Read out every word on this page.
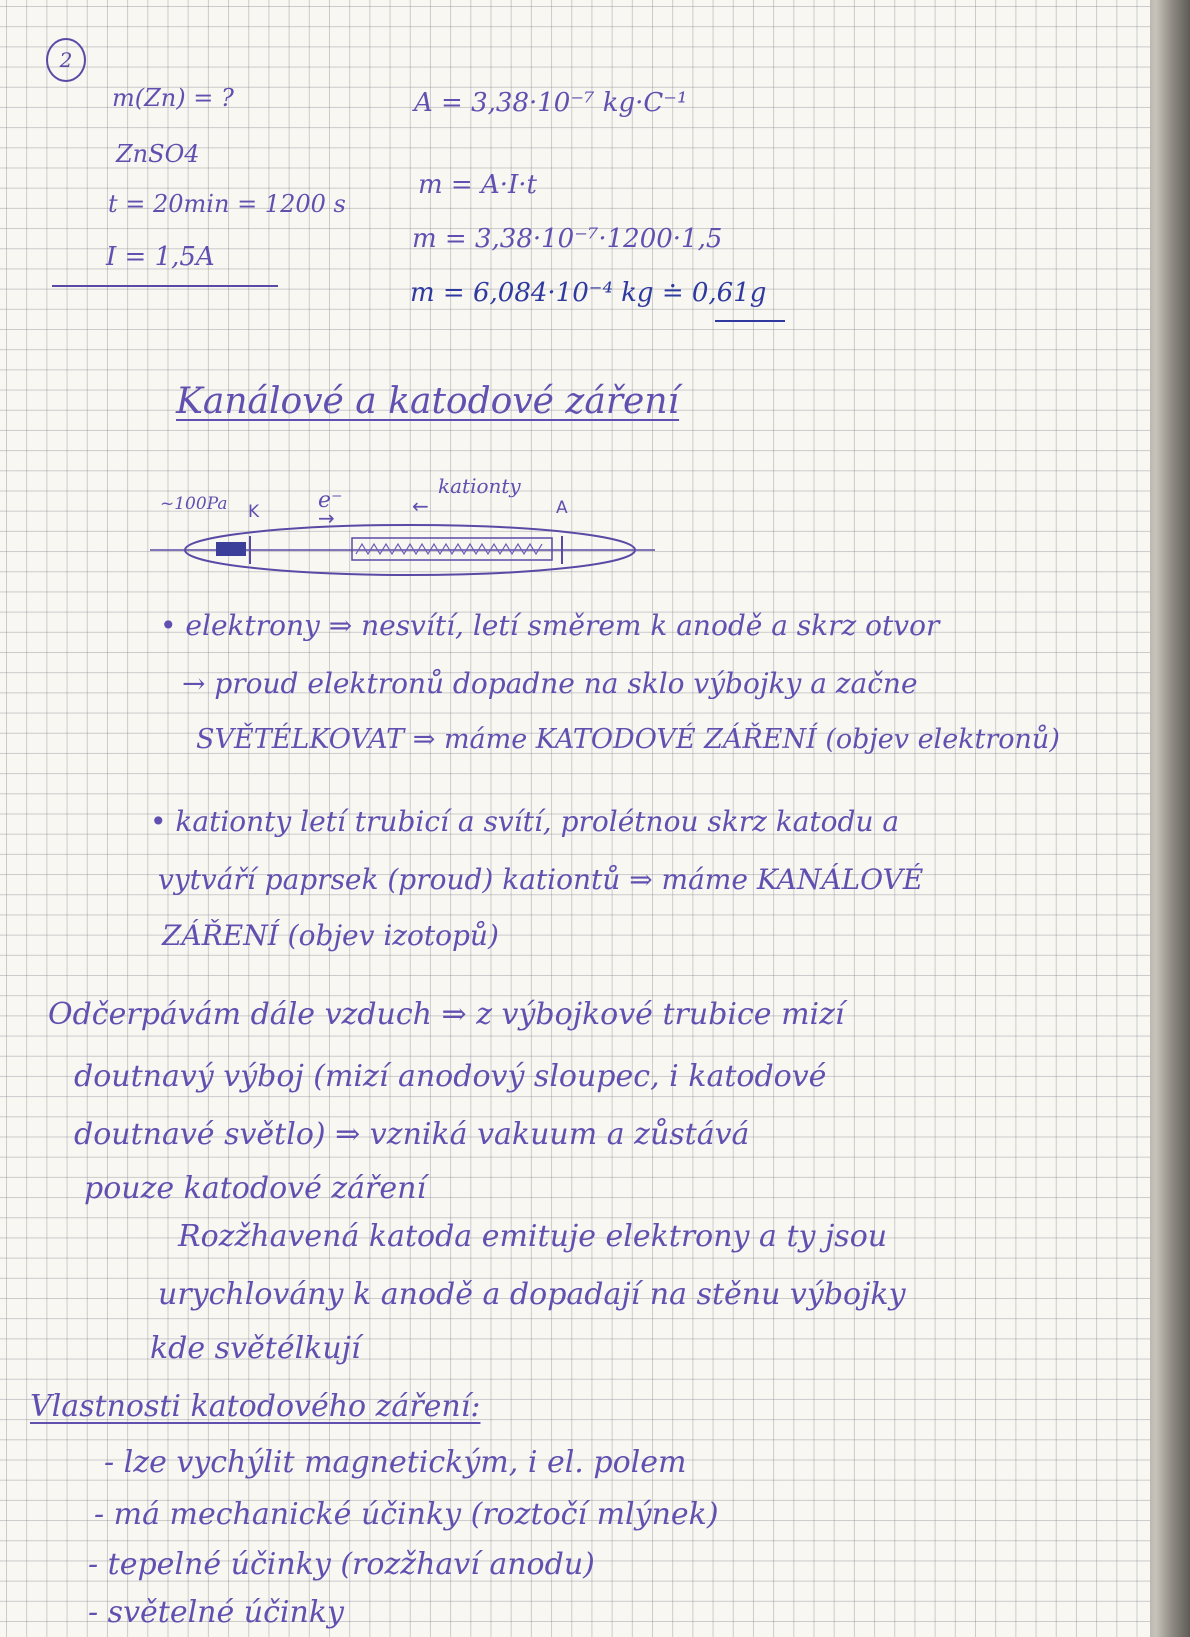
2
m(Zn) = ?
ZnSO4
t = 20min = 1200 s
I = 1,5A
A = 3,38·10⁻⁷ kg·C⁻¹
m = A·I·t
m = 3,38·10⁻⁷·1200·1,5
m = 6,084·10⁻⁴ kg ≐ 0,61g
Kanálové a katodové záření
~100Pa K	A
e⁻
→	←
kationty
• elektrony ⇒ nesvítí, letí směrem k anodě a skrz otvor
→ proud elektronů dopadne na sklo výbojky a začne
SVĚTÉLKOVAT ⇒ máme KATODOVÉ ZÁŘENÍ (objev elektronů)
• kationty letí trubicí a svítí, prolétnou skrz katodu a
vytváří paprsek (proud) kationtů ⇒ máme KANÁLOVÉ
ZÁŘENÍ (objev izotopů)
Odčerpávám dále vzduch ⇒ z výbojkové trubice mizí
doutnavý výboj (mizí anodový sloupec, i katodové
doutnavé světlo) ⇒ vzniká vakuum a zůstává
pouze katodové záření
Rozžhavená katoda emituje elektrony a ty jsou
urychlovány k anodě a dopadají na stěnu výbojky
kde světélkují
Vlastnosti katodového záření:
- lze vychýlit magnetickým, i el. polem
- má mechanické účinky (roztočí mlýnek)
- tepelné účinky (rozžhaví anodu)
- světelné účinky
